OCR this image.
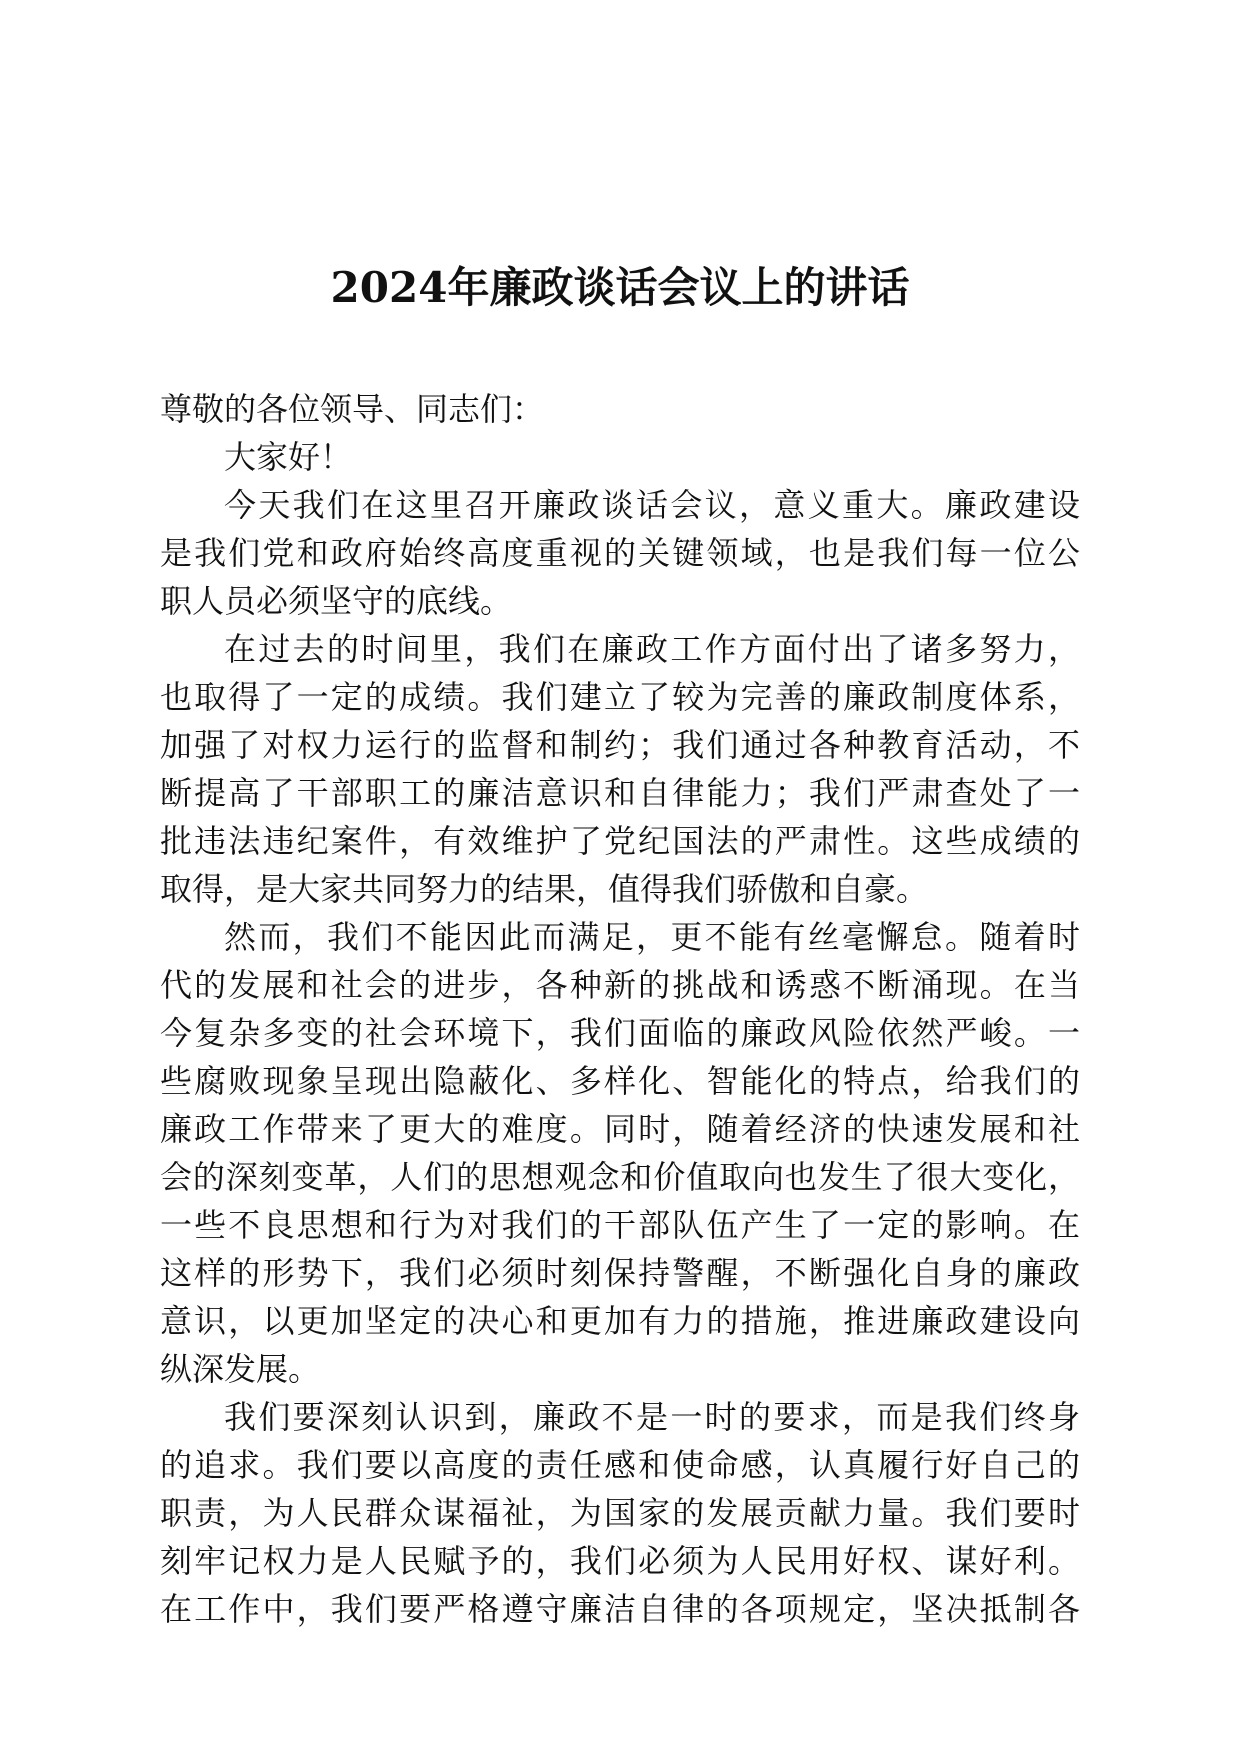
2024年廉政谈话会议上的讲话
尊敬的各位领导、同志们：
大家好！
今天我们在这里召开廉政谈话会议，意义重大。廉政建设
是我们党和政府始终高度重视的关键领域，也是我们每一位公
职人员必须坚守的底线。
在过去的时间里，我们在廉政工作方面付出了诸多努力，
也取得了一定的成绩。我们建立了较为完善的廉政制度体系，
加强了对权力运行的监督和制约；我们通过各种教育活动，不
断提高了干部职工的廉洁意识和自律能力；我们严肃查处了一
批违法违纪案件，有效维护了党纪国法的严肃性。这些成绩的
取得，是大家共同努力的结果，值得我们骄傲和自豪。
然而，我们不能因此而满足，更不能有丝毫懈怠。随着时
代的发展和社会的进步，各种新的挑战和诱惑不断涌现。在当
今复杂多变的社会环境下，我们面临的廉政风险依然严峻。一
些腐败现象呈现出隐蔽化、多样化、智能化的特点，给我们的
廉政工作带来了更大的难度。同时，随着经济的快速发展和社
会的深刻变革，人们的思想观念和价值取向也发生了很大变化，
一些不良思想和行为对我们的干部队伍产生了一定的影响。在
这样的形势下，我们必须时刻保持警醒，不断强化自身的廉政
意识，以更加坚定的决心和更加有力的措施，推进廉政建设向
纵深发展。
我们要深刻认识到，廉政不是一时的要求，而是我们终身
的追求。我们要以高度的责任感和使命感，认真履行好自己的
职责，为人民群众谋福祉，为国家的发展贡献力量。我们要时
刻牢记权力是人民赋予的，我们必须为人民用好权、谋好利。
在工作中，我们要严格遵守廉洁自律的各项规定，坚决抵制各
